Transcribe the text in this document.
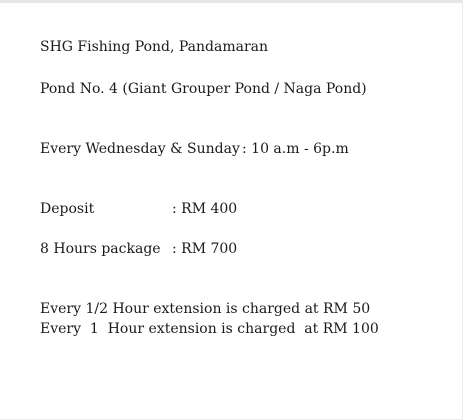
SHG Fishing Pond, Pandamaran
Pond No. 4 (Giant Grouper Pond / Naga Pond)
Every Wednesday & Sunday : 10 a.m - 6p.m
Deposit	: RM 400
8 Hours package : RM 700
Every 1/2 Hour extension is charged at RM 50
Every  1  Hour extension is charged  at RM 100
